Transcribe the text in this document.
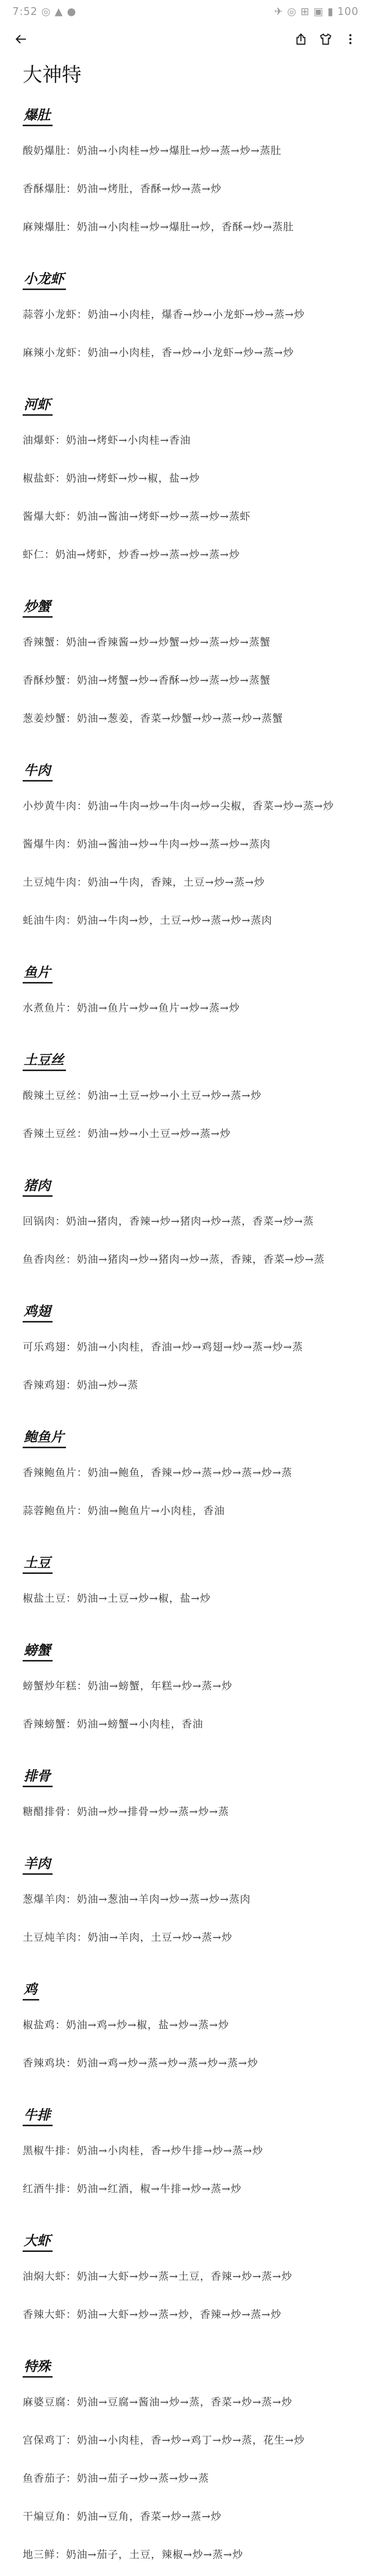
7:52 ◎ ▲ ●	✈ ◎ ⊞ ▣ ▮ 100
大神特
爆肚

酸奶爆肚：奶油→小肉桂→炒→爆肚→炒→蒸→炒→蒸肚

香酥爆肚：奶油→烤肚，香酥→炒→蒸→炒

麻辣爆肚：奶油→小肉桂→炒→爆肚→炒，香酥→炒→蒸肚

小龙虾

蒜蓉小龙虾：奶油→小肉桂，爆香→炒→小龙虾→炒→蒸→炒

麻辣小龙虾：奶油→小肉桂，香→炒→小龙虾→炒→蒸→炒

河虾

油爆虾：奶油→烤虾→小肉桂→香油

椒盐虾：奶油→烤虾→炒→椒，盐→炒

酱爆大虾：奶油→酱油→烤虾→炒→蒸→炒→蒸虾

虾仁：奶油→烤虾，炒香→炒→蒸→炒→蒸→炒

炒蟹

香辣蟹：奶油→香辣酱→炒→炒蟹→炒→蒸→炒→蒸蟹

香酥炒蟹：奶油→烤蟹→炒→香酥→炒→蒸→炒→蒸蟹

葱姜炒蟹：奶油→葱姜，香菜→炒蟹→炒→蒸→炒→蒸蟹

牛肉

小炒黄牛肉：奶油→牛肉→炒→牛肉→炒→尖椒，香菜→炒→蒸→炒

酱爆牛肉：奶油→酱油→炒→牛肉→炒→蒸→炒→蒸肉

土豆炖牛肉：奶油→牛肉，香辣，土豆→炒→蒸→炒

蚝油牛肉：奶油→牛肉→炒，土豆→炒→蒸→炒→蒸肉

鱼片

水煮鱼片：奶油→鱼片→炒→鱼片→炒→蒸→炒

土豆丝

酸辣土豆丝：奶油→土豆→炒→小土豆→炒→蒸→炒

香辣土豆丝：奶油→炒→小土豆→炒→蒸→炒

猪肉

回锅肉：奶油→猪肉，香辣→炒→猪肉→炒→蒸，香菜→炒→蒸

鱼香肉丝：奶油→猪肉→炒→猪肉→炒→蒸，香辣，香菜→炒→蒸

鸡翅

可乐鸡翅：奶油→小肉桂，香油→炒→鸡翅→炒→蒸→炒→蒸

香辣鸡翅：奶油→炒→蒸

鲍鱼片

香辣鲍鱼片：奶油→鲍鱼，香辣→炒→蒸→炒→蒸→炒→蒸

蒜蓉鲍鱼片：奶油→鲍鱼片→小肉桂，香油

土豆

椒盐土豆：奶油→土豆→炒→椒，盐→炒

螃蟹

螃蟹炒年糕：奶油→螃蟹，年糕→炒→蒸→炒

香辣螃蟹：奶油→螃蟹→小肉桂，香油

排骨

糖醋排骨：奶油→炒→排骨→炒→蒸→炒→蒸

羊肉

葱爆羊肉：奶油→葱油→羊肉→炒→蒸→炒→蒸肉

土豆炖羊肉：奶油→羊肉，土豆→炒→蒸→炒

鸡

椒盐鸡：奶油→鸡→炒→椒，盐→炒→蒸→炒

香辣鸡块：奶油→鸡→炒→蒸→炒→蒸→炒→蒸→炒

牛排

黑椒牛排：奶油→小肉桂，香→炒牛排→炒→蒸→炒

红酒牛排：奶油→红酒，椒→牛排→炒→蒸→炒

大虾

油焖大虾：奶油→大虾→炒→蒸→土豆，香辣→炒→蒸→炒

香辣大虾：奶油→大虾→炒→蒸→炒，香辣→炒→蒸→炒

特殊

麻婆豆腐：奶油→豆腐→酱油→炒→蒸，香菜→炒→蒸→炒

宫保鸡丁：奶油→小肉桂，香→炒→鸡丁→炒→蒸，花生→炒

鱼香茄子：奶油→茄子→炒→蒸→炒→蒸

干煸豆角：奶油→豆角，香菜→炒→蒸→炒

地三鲜：奶油→茄子，土豆，辣椒→炒→蒸→炒
